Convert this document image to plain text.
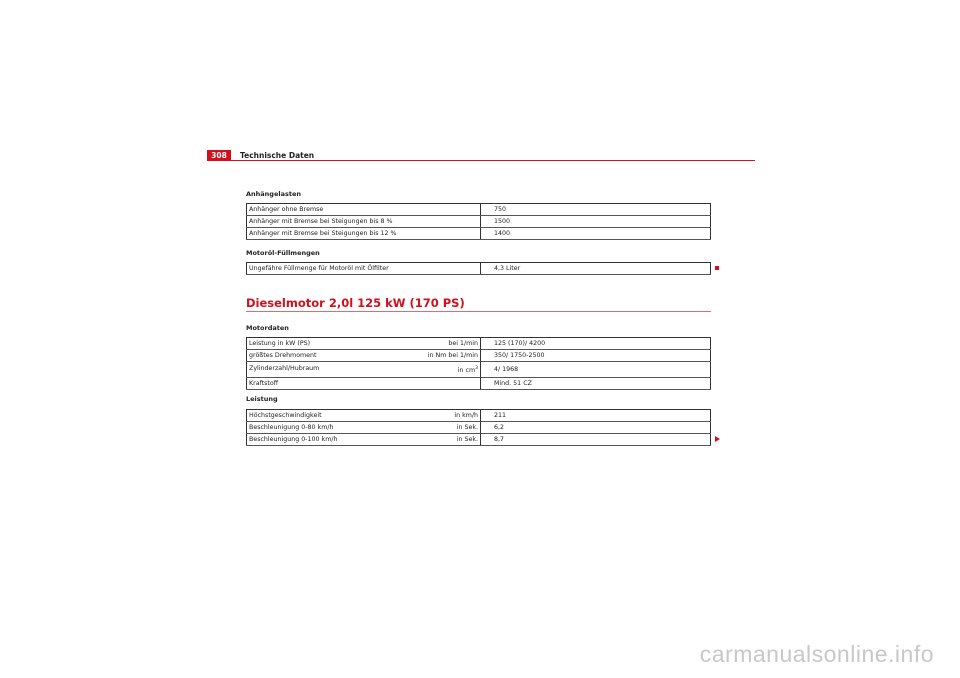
308	Technische Daten
Anhängelasten
Anhänger ohne Bremse	750

Anhänger mit Bremse bei Steigungen bis 8 %	1500

Anhänger mit Bremse bei Steigungen bis 12 %	1400
Motoröl-Füllmengen
Ungefähre Füllmenge für Motoröl mit Ölfilter	4,3 Liter
Dieselmotor 2,0l 125 kW (170 PS)
Motordaten
Leistung in kW (PS) bei 1/min	125 (170)/ 4200

größtes Drehmoment in Nm bei 1/min	350/ 1750-2500

Zylinderzahl/Hubraum in $cm^3$	4/ 1968

Kraftstoff	Mind. 51 CZ
Leistung
Höchstgeschwindigkeit in km/h	211

Beschleunigung 0-80 km/h in Sek.	6,2

Beschleunigung 0-100 km/h in Sek.	8,7
carmanualsonline.info
